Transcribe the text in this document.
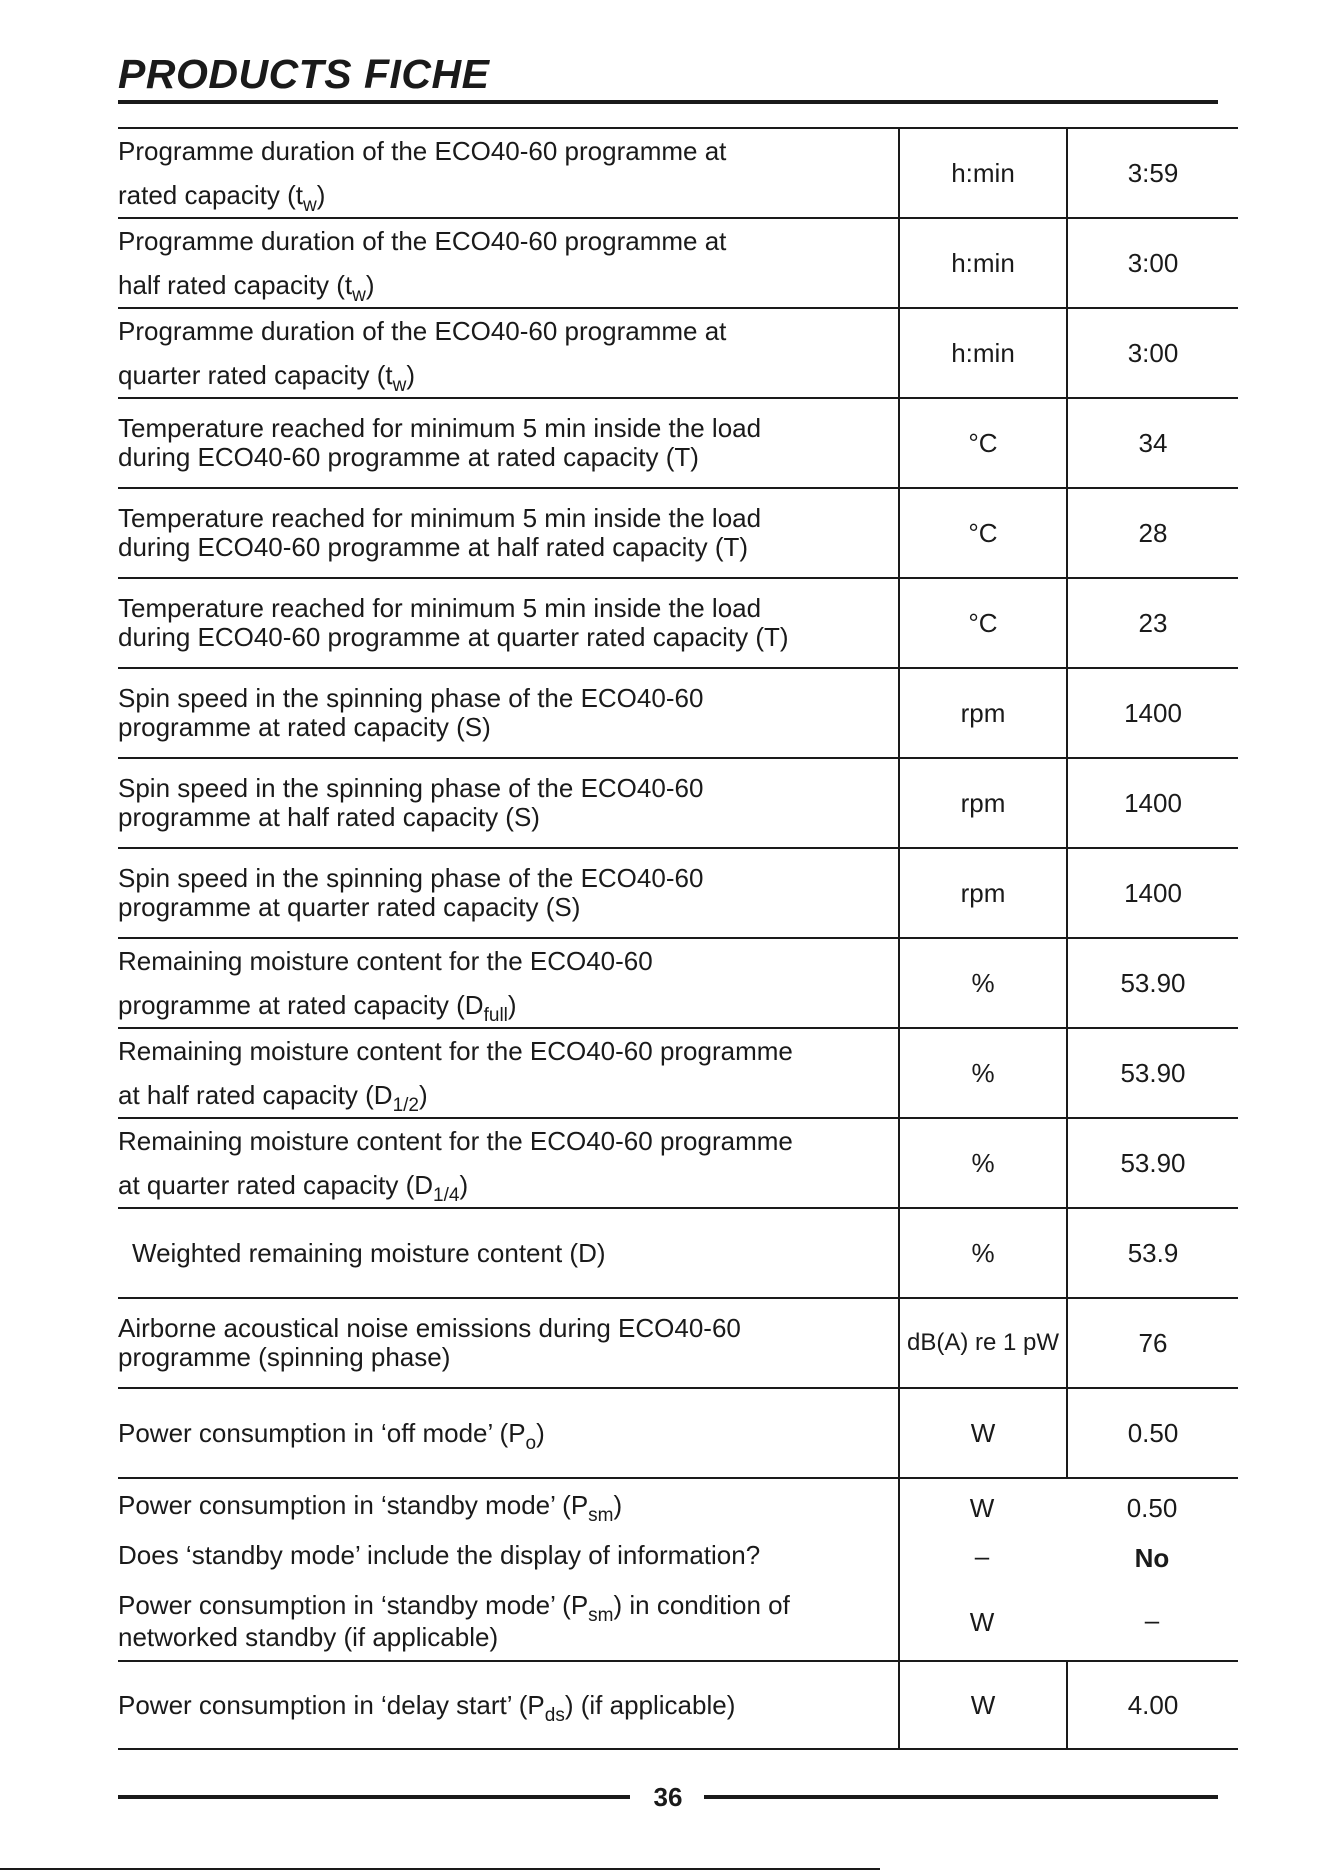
PRODUCTS FICHE
Programme duration of the ECO40-60 programme at
rated capacity $(t_w)$
h:min	3:59
Programme duration of the ECO40-60 programme at
half rated capacity $(t_w)$
h:min	3:00
Programme duration of the ECO40-60 programme at
quarter rated capacity $(t_w)$
h:min	3:00
Temperature reached for minimum 5 min inside the load
during ECO40-60 programme at rated capacity (T)	°C	34
Temperature reached for minimum 5 min inside the load
during ECO40-60 programme at half rated capacity (T)	°C	28
Temperature reached for minimum 5 min inside the load
during ECO40-60 programme at quarter rated capacity (T)	°C	23
Spin speed in the spinning phase of the ECO40-60
programme at rated capacity (S)	rpm	1400
Spin speed in the spinning phase of the ECO40-60
programme at half rated capacity (S)	rpm	1400
Spin speed in the spinning phase of the ECO40-60
programme at quarter rated capacity (S)	rpm	1400
Remaining moisture content for the ECO40-60
programme at rated capacity $(D_{full})$
%	53.90
Remaining moisture content for the ECO40-60 programme
at half rated capacity $(D_{1/2})$
%	53.90
Remaining moisture content for the ECO40-60 programme
at quarter rated capacity $(D_{1/4})$
%	53.90
Weighted remaining moisture content (D)	%	53.9
Airborne acoustical noise emissions during ECO40-60
programme (spinning phase)	dB(A) re 1 pW	76
Power consumption in ‘off mode’ $(P_o)$	W	0.50
Power consumption in ‘standby mode’ $(P_{sm})$	W	0.50
Does ‘standby mode’ include the display of information?	–	No
Power consumption in ‘standby mode’ $(P_{sm})$ in condition of
networked standby (if applicable)	W	–
Power consumption in ‘delay start’ $(P_{ds})$ (if applicable)	W	4.00
36
